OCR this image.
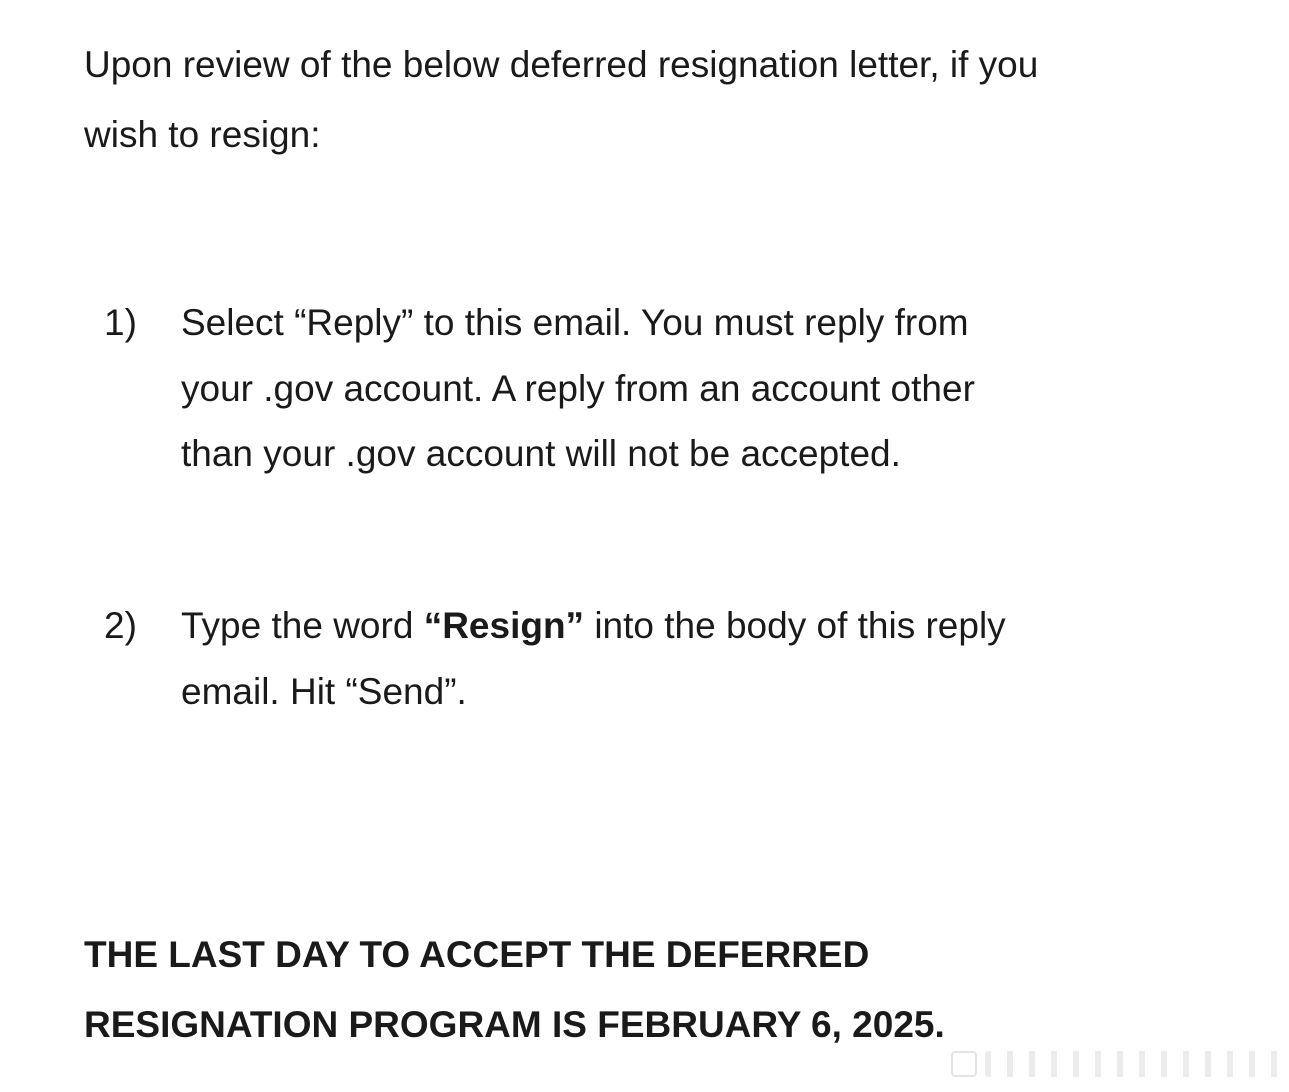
Upon review of the below deferred resignation letter, if you wish to resign:

1) Select “Reply” to this email. You must reply from your .gov account. A reply from an account other than your .gov account will not be accepted.

2) Type the word “Resign” into the body of this reply email. Hit “Send”.

THE LAST DAY TO ACCEPT THE DEFERRED RESIGNATION PROGRAM IS FEBRUARY 6, 2025.
